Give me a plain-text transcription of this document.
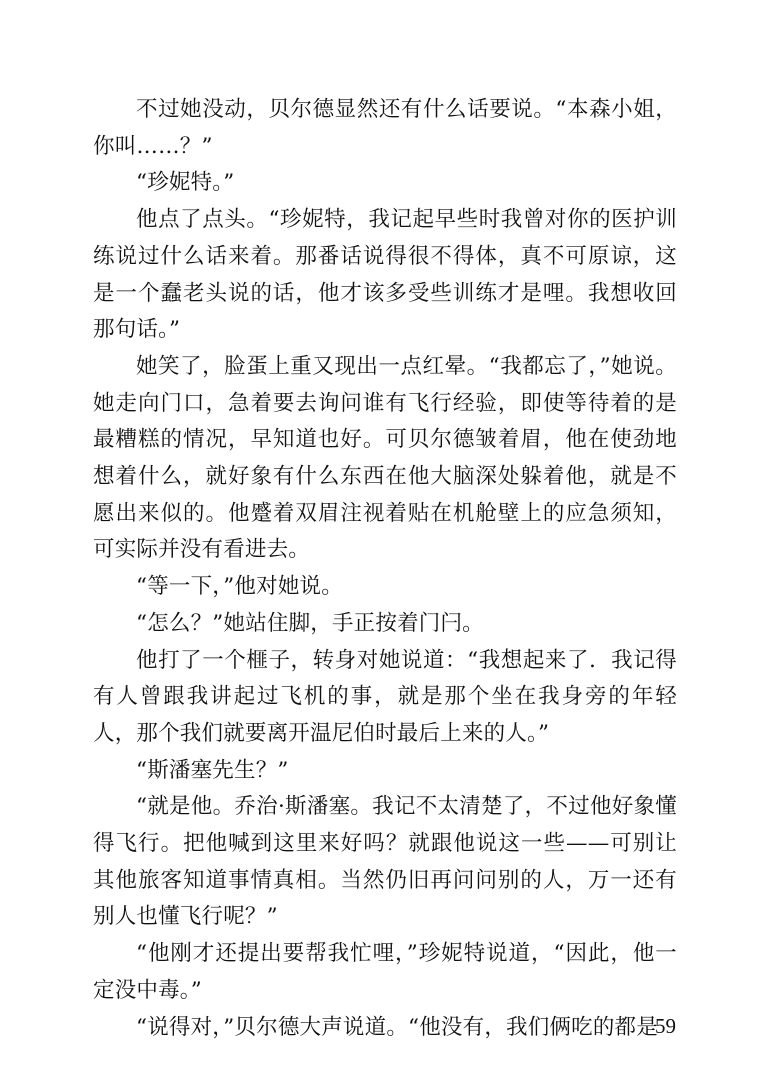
不过她没动，贝尔德显然还有什么话要说。“本森小姐，你叫……？”

“珍妮特。”

他点了点头。“珍妮特，我记起早些时我曾对你的医护训练说过什么话来着。那番话说得很不得体，真不可原谅，这是一个蠢老头说的话，他才该多受些训练才是哩。我想收回那句话。”

她笑了，脸蛋上重又现出一点红晕。“我都忘了，”她说。她走向门口，急着要去询问谁有飞行经验，即使等待着的是最糟糕的情况，早知道也好。可贝尔德皱着眉，他在使劲地想着什么，就好象有什么东西在他大脑深处躲着他，就是不愿出来似的。他蹙着双眉注视着贴在机舱壁上的应急须知，可实际并没有看进去。

“等一下，”他对她说。

“怎么？”她站住脚，手正按着门闩。

他打了一个榧子，转身对她说道：“我想起来了．我记得有人曾跟我讲起过飞机的事，就是那个坐在我身旁的年轻人，那个我们就要离开温尼伯时最后上来的人。”

“斯潘塞先生？”

“就是他。乔治·斯潘塞。我记不太清楚了，不过他好象懂得飞行。把他喊到这里来好吗？就跟他说这一些——可别让其他旅客知道事情真相。当然仍旧再问问别的人，万一还有别人也懂飞行呢？”

“他刚才还提出要帮我忙哩，”珍妮特说道，“因此，他一定没中毒。”

“说得对，”贝尔德大声说道。“他没有，我们俩吃的都是

59
